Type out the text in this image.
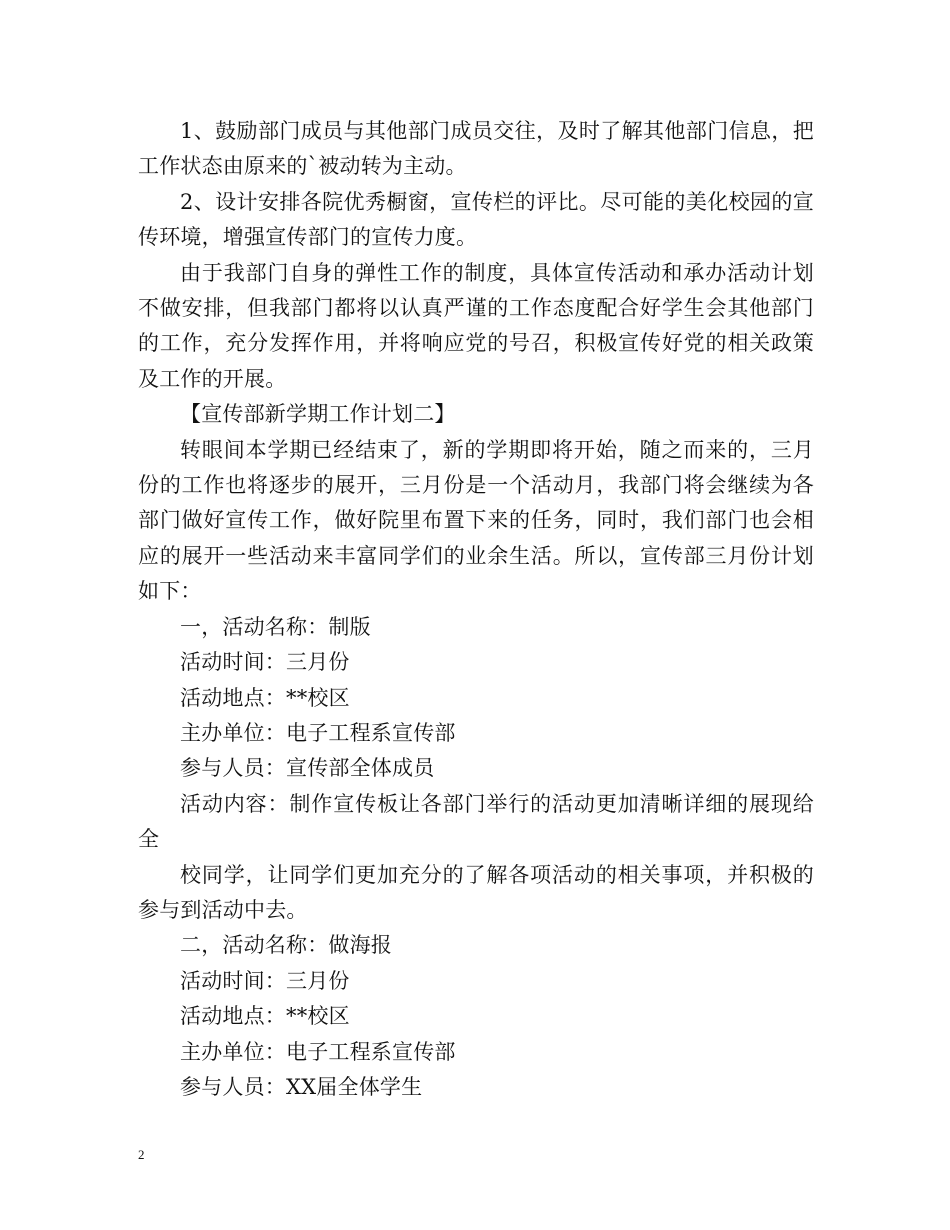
1、鼓励部门成员与其他部门成员交往，及时了解其他部门信息，把工作状态由原来的`被动转为主动。

2、设计安排各院优秀橱窗，宣传栏的评比。尽可能的美化校园的宣传环境，增强宣传部门的宣传力度。

由于我部门自身的弹性工作的制度，具体宣传活动和承办活动计划不做安排，但我部门都将以认真严谨的工作态度配合好学生会其他部门的工作，充分发挥作用，并将响应党的号召，积极宣传好党的相关政策及工作的开展。

【宣传部新学期工作计划二】

转眼间本学期已经结束了，新的学期即将开始，随之而来的，三月份的工作也将逐步的展开，三月份是一个活动月，我部门将会继续为各部门做好宣传工作，做好院里布置下来的任务，同时，我们部门也会相应的展开一些活动来丰富同学们的业余生活。所以，宣传部三月份计划如下：

一，活动名称：制版

活动时间：三月份

活动地点：**校区

主办单位：电子工程系宣传部

参与人员：宣传部全体成员

活动内容：制作宣传板让各部门举行的活动更加清晰详细的展现给全

校同学，让同学们更加充分的了解各项活动的相关事项，并积极的参与到活动中去。

二，活动名称：做海报

活动时间：三月份

活动地点：**校区

主办单位：电子工程系宣传部

参与人员：XX届全体学生

2
